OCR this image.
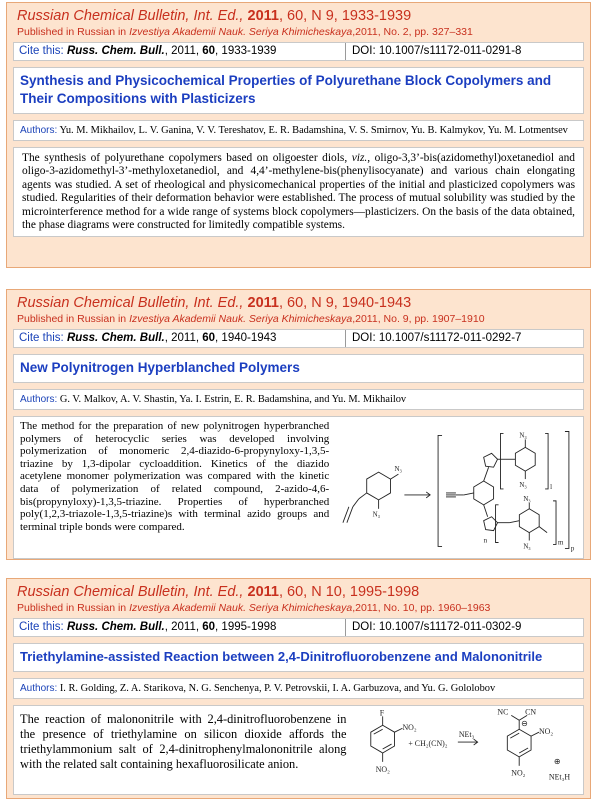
Russian Chemical Bulletin, Int. Ed., 2011, 60, N 9, 1933-1939
Published in Russian in Izvestiya Akademii Nauk. Seriya Khimicheskaya,2011, No. 2, pp. 327–331
Cite this: Russ. Chem. Bull., 2011, 60, 1933-1939	DOI: 10.1007/s11172-011-0291-8
Synthesis and Physicochemical Properties of Polyurethane Block Copolymers and Their Compositions with Plasticizers
Authors: Yu. M. Mikhailov, L. V. Ganina, V. V. Tereshatov, E. R. Badamshina, V. S. Smirnov, Yu. B. Kalmykov, Yu. M. Lotmentsev
The synthesis of polyurethane copolymers based on oligoester diols, viz., oligo-3,3’-bis(azidomethyl)oxetanediol and oligo-3-azidomethyl-3’-methyloxetanediol, and 4,4’-methylene-bis(phenylisocyanate) and various chain elongating agents was studied. A set of rheological and physicomechanical properties of the initial and plasticized copolymers was studied. Regularities of their deformation behavior were established. The process of mutual solubility was studied by the microinterference method for a wide range of systems block copolymers—plasticizers. On the basis of the data obtained, the phase diagrams were constructed for limitedly compatible systems.
Russian Chemical Bulletin, Int. Ed., 2011, 60, N 9, 1940-1943
Published in Russian in Izvestiya Akademii Nauk. Seriya Khimicheskaya,2011, No. 9, pp. 1907–1910
Cite this: Russ. Chem. Bull., 2011, 60, 1940-1943	DOI: 10.1007/s11172-011-0292-7
New Polynitrogen Hyperblanched Polymers
Authors: G. V. Malkov, A. V. Shastin, Ya. I. Estrin, E. R. Badamshina, and Yu. M. Mikhailov
The method for the preparation of new polynitrogen hyperbranched polymers of heterocyclic series was developed involving polymerization of monomeric 2,4-diazido-6-propynyloxy-1,3,5-triazine by 1,3-dipolar cycloaddition. Kinetics of the diazido acetylene monomer polymerization was compared with the kinetic data of polymerization of related compound, 2-azido-4,6-bis(propynyloxy)-1,3,5-triazine. Properties of hyperbranched poly(1,2,3-triazole-1,3,5-triazine)s with terminal azido groups and terminal triple bonds were compared.
N₃
N₃
N₃
N₃
N₃
N₃
n
l
m
p
Russian Chemical Bulletin, Int. Ed., 2011, 60, N 10, 1995-1998
Published in Russian in Izvestiya Akademii Nauk. Seriya Khimicheskaya,2011, No. 10, pp. 1960–1963
Cite this: Russ. Chem. Bull., 2011, 60, 1995-1998	DOI: 10.1007/s11172-011-0302-9
Triethylamine-assisted Reaction between 2,4-Dinitrofluorobenzene and Malononitrile
Authors: I. R. Golding, Z. A. Starikova, N. G. Senchenya, P. V. Petrovskii, I. A. Garbuzova, and Yu. G. Gololobov
The reaction of malononitrile with 2,4-dinitrofluorobenzene in the presence of triethylamine on silicon dioxide affords the triethylammonium salt of 2,4-dinitrophenylmalononitrile along with the related salt containing hexafluorosilicate anion.
F
NO₂
NO₂
+ CH₂(CN)₂
NEt₃
NC CN
⊖
NO₂
NO₂
⊕
NEt₃H
